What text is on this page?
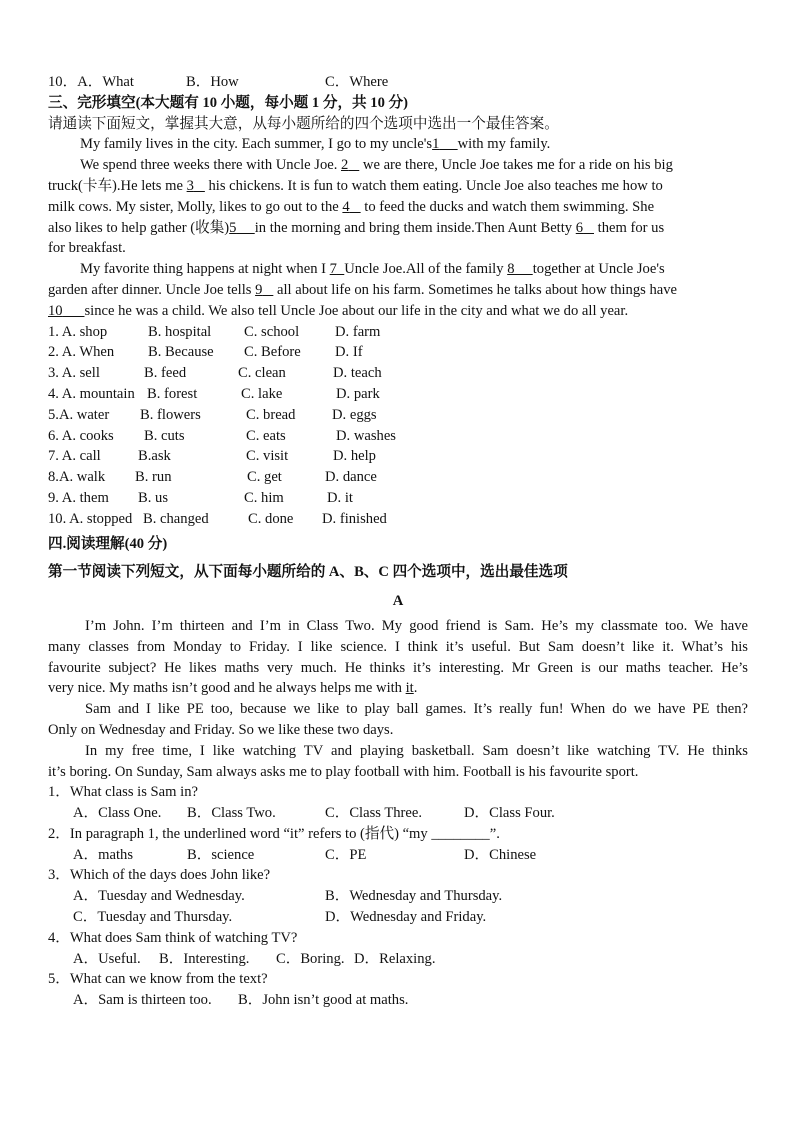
10．A．What	B．How	C．Where
三、完形填空(本大题有 10 小题，每小题 1 分，共 10 分)
请通读下面短文，掌握其大意，从每小题所给的四个选项中选出一个最佳答案。
My family lives in the city. Each summer, I go to my uncle's1 with my family.
We spend three weeks there with Uncle Joe. 2    we are there, Uncle Joe takes me for a ride on his big
truck(卡车).He lets me 3    his chickens. It is fun to watch them eating. Uncle Joe also teaches me how to
milk cows. My sister, Molly, likes to go out to the 4    to feed the ducks and watch them swimming. She
also likes to help gather (收集)5 in the morning and bring them inside.Then Aunt Betty 6    them for us
for breakfast.
My favorite thing happens at night when I 7 Uncle Joe.All of the family 8 together at Uncle Joe's
garden after dinner. Uncle Joe tells 9    all about life on his farm. Sometimes he talks about how things have
10 since he was a child. We also tell Uncle Joe about our life in the city and what we do all year.
1. A. shop	B. hospital C. school D. farm
2. A. When B. Because C. Before D. If
3. A. sell	B. feed	C. clean	D. teach
4. A. mountain B. forest	C. lake	D. park
5.A. water B. flowers	C. bread	D. eggs
6. A. cooks B. cuts	C. eats	D. washes
7. A. call	B.ask	C. visit	D. help
8.A. walk B. run	C. get	D. dance
9. A. them B. us	C. him	D. it
10. A. stopped B. changed	C. done D. finished
四.阅读理解(40 分)
第一节阅读下列短文，从下面每小题所给的 A、B、C 四个选项中，选出最佳选项
A
I’m John. I’m thirteen and I’m in Class Two. My good friend is Sam. He’s my classmate too. We have
many classes from Monday to Friday. I like science. I think it’s useful. But Sam doesn’t like it. What’s his
favourite subject? He likes maths very much. He thinks it’s interesting. Mr Green is our maths teacher. He’s
very nice. My maths isn’t good and he always helps me with it.
Sam and I like PE too, because we like to play ball games. It’s really fun! When do we have PE then?
Only on Wednesday and Friday. So we like these two days.
In my free time, I like watching TV and playing basketball. Sam doesn’t like watching TV. He thinks
it’s boring. On Sunday, Sam always asks me to play football with him. Football is his favourite sport.
1．What class is Sam in?
A．Class One. B．Class Two.	C．Class Three.	D．Class Four.
2．In paragraph 1, the underlined word “it” refers to (指代) “my ________”.
A．maths	B．science	C．PE	D．Chinese
3．Which of the days does John like?
A．Tuesday and Wednesday.	B．Wednesday and Thursday.
C．Tuesday and Thursday.	D．Wednesday and Friday.
4．What does Sam think of watching TV?
A．Useful. B．Interesting. C．Boring. D．Relaxing.
5．What can we know from the text?
A．Sam is thirteen too. B．John isn’t good at maths.
